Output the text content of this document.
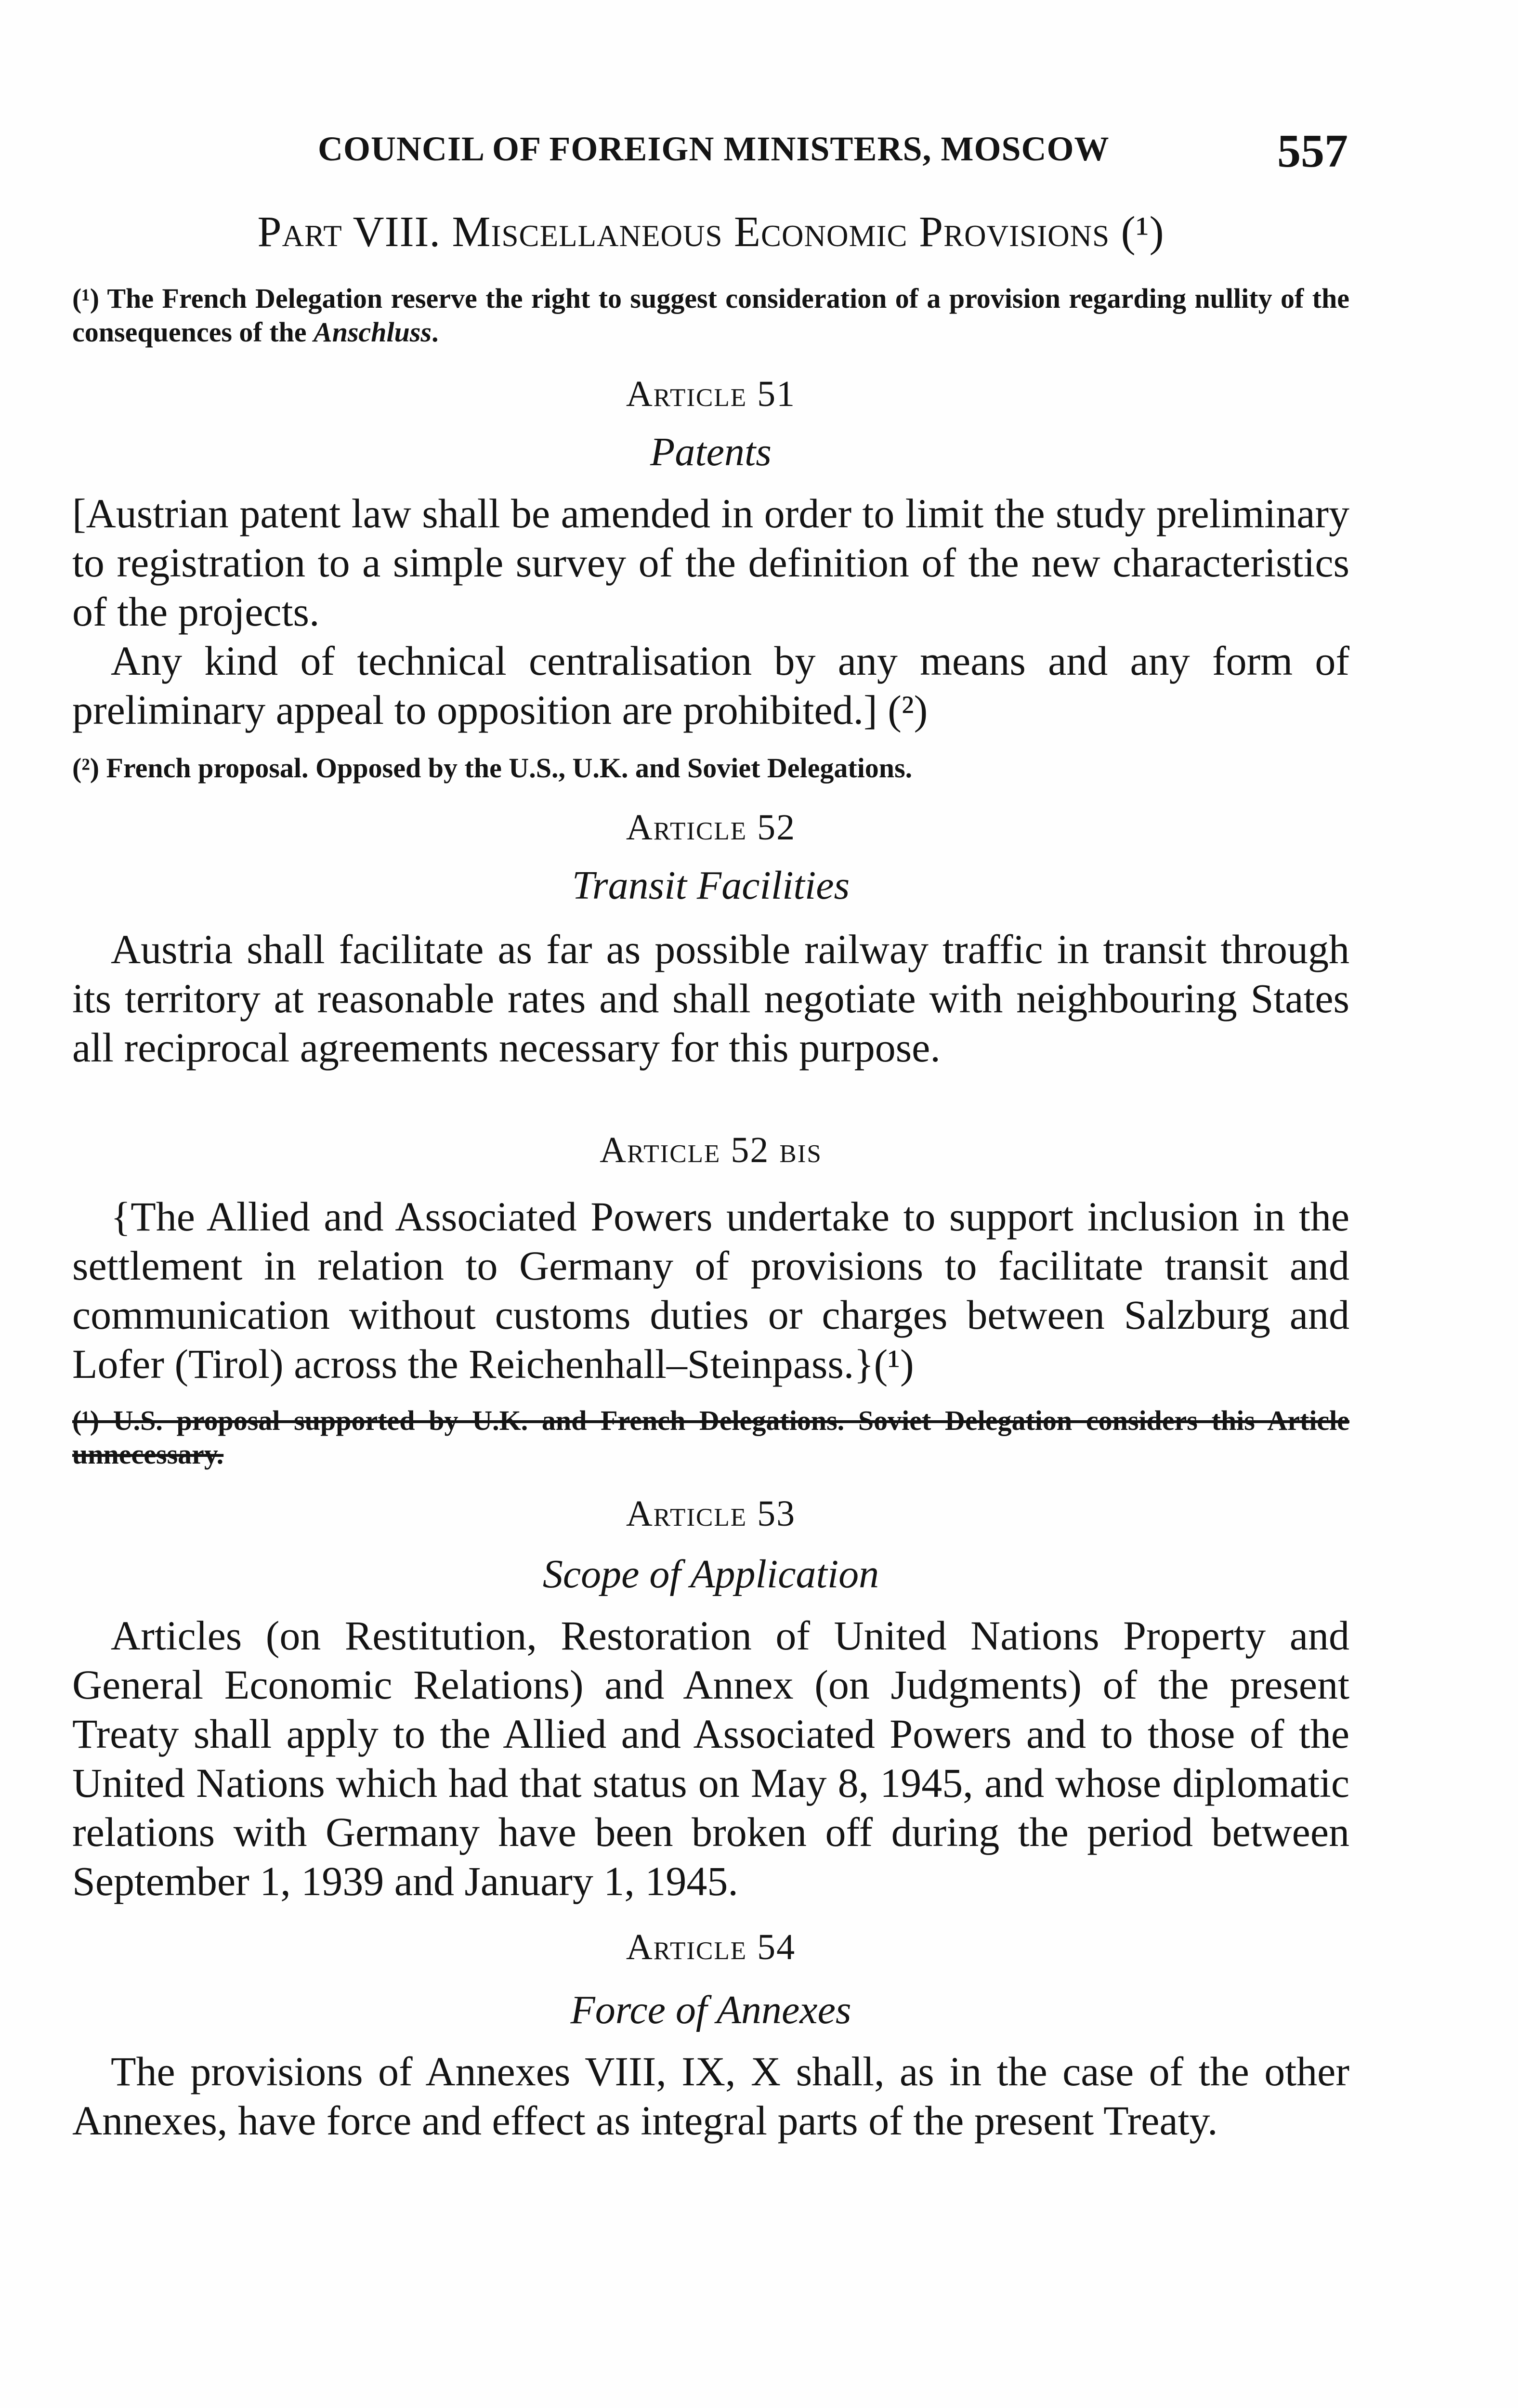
COUNCIL OF FOREIGN MINISTERS, MOSCOW	557
Part VIII. Miscellaneous Economic Provisions (¹)
(¹) The French Delegation reserve the right to suggest consideration of a provision regarding nullity of the consequences of the Anschluss.
Article 51
Patents

[Austrian patent law shall be amended in order to limit the study preliminary to registration to a simple survey of the definition of the new characteristics of the projects.

Any kind of technical centralisation by any means and any form of preliminary appeal to opposition are prohibited.] (²)

(²) French proposal. Opposed by the U.S., U.K. and Soviet Delegations.
Article 52
Transit Facilities

Austria shall facilitate as far as possible railway traffic in transit through its territory at reasonable rates and shall negotiate with neighbouring States all reciprocal agreements necessary for this purpose.

Article 52 bis

{The Allied and Associated Powers undertake to support inclusion in the settlement in relation to Germany of provisions to facilitate transit and communication without customs duties or charges between Salzburg and Lofer (Tirol) across the Reichenhall–Steinpass.}(¹)

(¹) U.S. proposal supported by U.K. and French Delegations. Soviet Delegation considers this Article unnecessary.
Article 53
Scope of Application

Articles (on Restitution, Restoration of United Nations Property and General Economic Relations) and Annex (on Judgments) of the present Treaty shall apply to the Allied and Associated Powers and to those of the United Nations which had that status on May 8, 1945, and whose diplomatic relations with Germany have been broken off during the period between September 1, 1939 and January 1, 1945.

Article 54
Force of Annexes

The provisions of Annexes VIII, IX, X shall, as in the case of the other Annexes, have force and effect as integral parts of the present Treaty.
